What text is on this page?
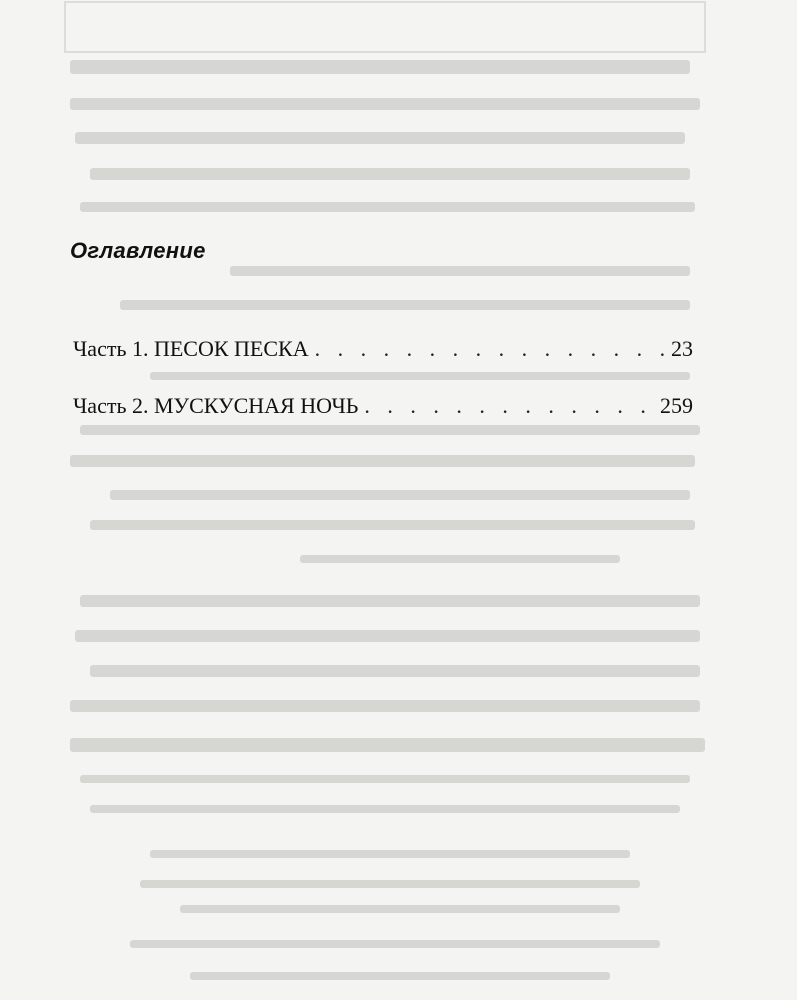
Оглавление
Часть 1. ПЕСОК ПЕСКА . . .	23
Часть 2. МУСКУСНАЯ НОЧЬ . . .	259
